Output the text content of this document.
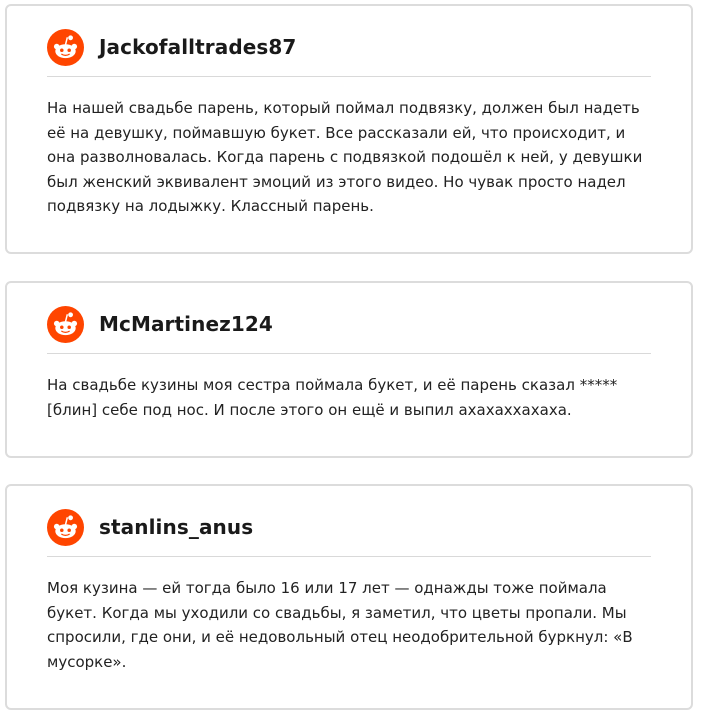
Jackofalltrades87
На нашей свадьбе парень, который поймал подвязку, должен был надеть её на девушку, поймавшую букет. Все рассказали ей, что происходит, и она разволновалась. Когда парень с подвязкой подошёл к ней, у девушки был женский эквивалент эмоций из этого видео. Но чувак просто надел подвязку на лодыжку. Классный парень.
McMartinez124
На свадьбе кузины моя сестра поймала букет, и её парень сказал ***** [блин] себе под нос. И после этого он ещё и выпил ахахаххахаха.
stanlins_anus
Моя кузина — ей тогда было 16 или 17 лет — однажды тоже поймала букет. Когда мы уходили со свадьбы, я заметил, что цветы пропали. Мы спросили, где они, и её недовольный отец неодобрительной буркнул: «В мусорке».
